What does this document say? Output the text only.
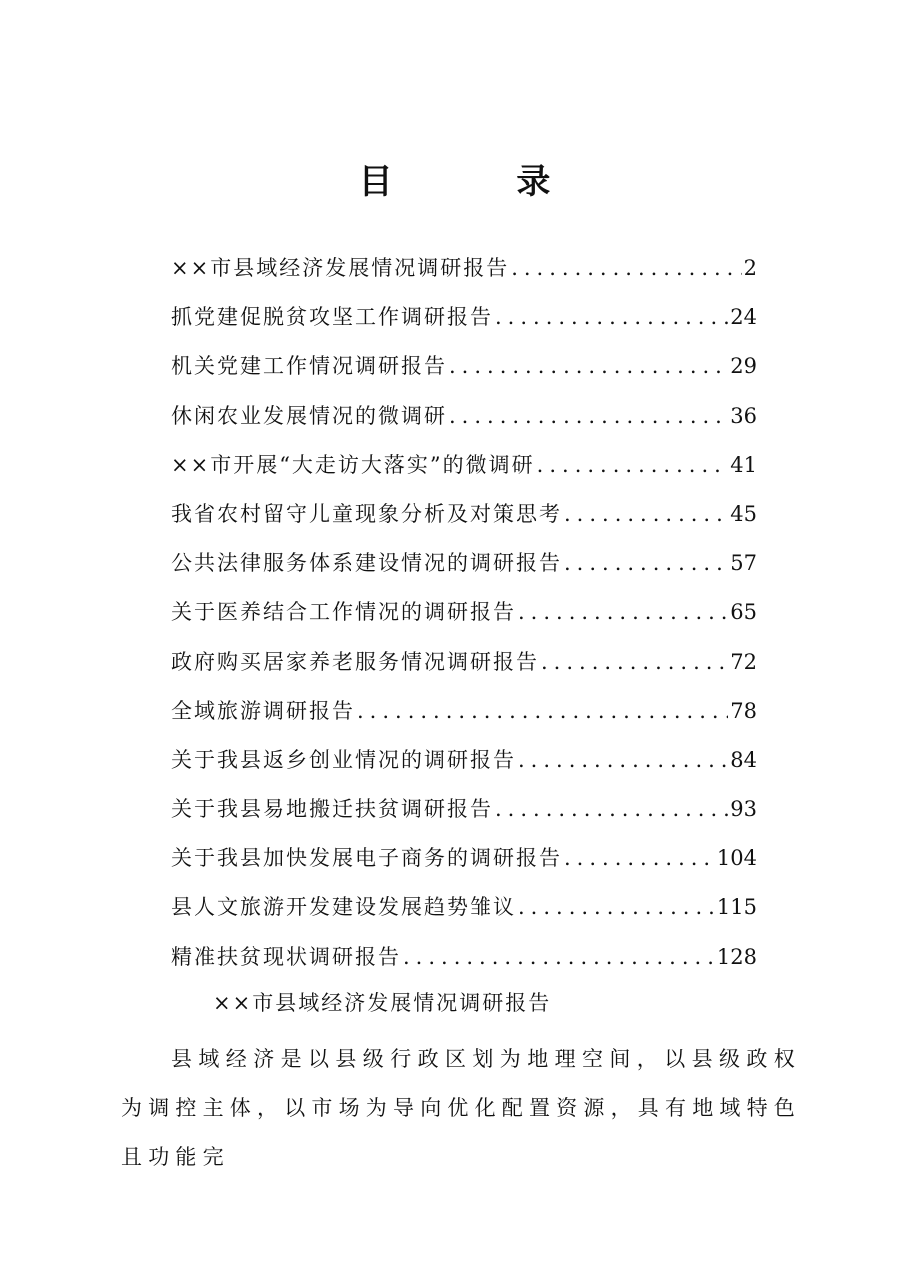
目 录
××市县域经济发展情况调研报告 .....	2
抓党建促脱贫攻坚工作调研报告 .....	24
机关党建工作情况调研报告 .....	29
休闲农业发展情况的微调研 .....	36
××市开展“大走访大落实”的微调研 .....	41
我省农村留守儿童现象分析及对策思考 .....	45
公共法律服务体系建设情况的调研报告 .....	57
关于医养结合工作情况的调研报告 .....	65
政府购买居家养老服务情况调研报告 .....	72
全域旅游调研报告 .....	78
关于我县返乡创业情况的调研报告 .....	84
关于我县易地搬迁扶贫调研报告 .....	93
关于我县加快发展电子商务的调研报告 .....	104
县人文旅游开发建设发展趋势雏议 .....	115
精准扶贫现状调研报告 .....	128
××市县域经济发展情况调研报告

县域经济是以县级行政区划为地理空间，以县级政权为调控主体，以市场为导向优化配置资源，具有地域特色且功能完
